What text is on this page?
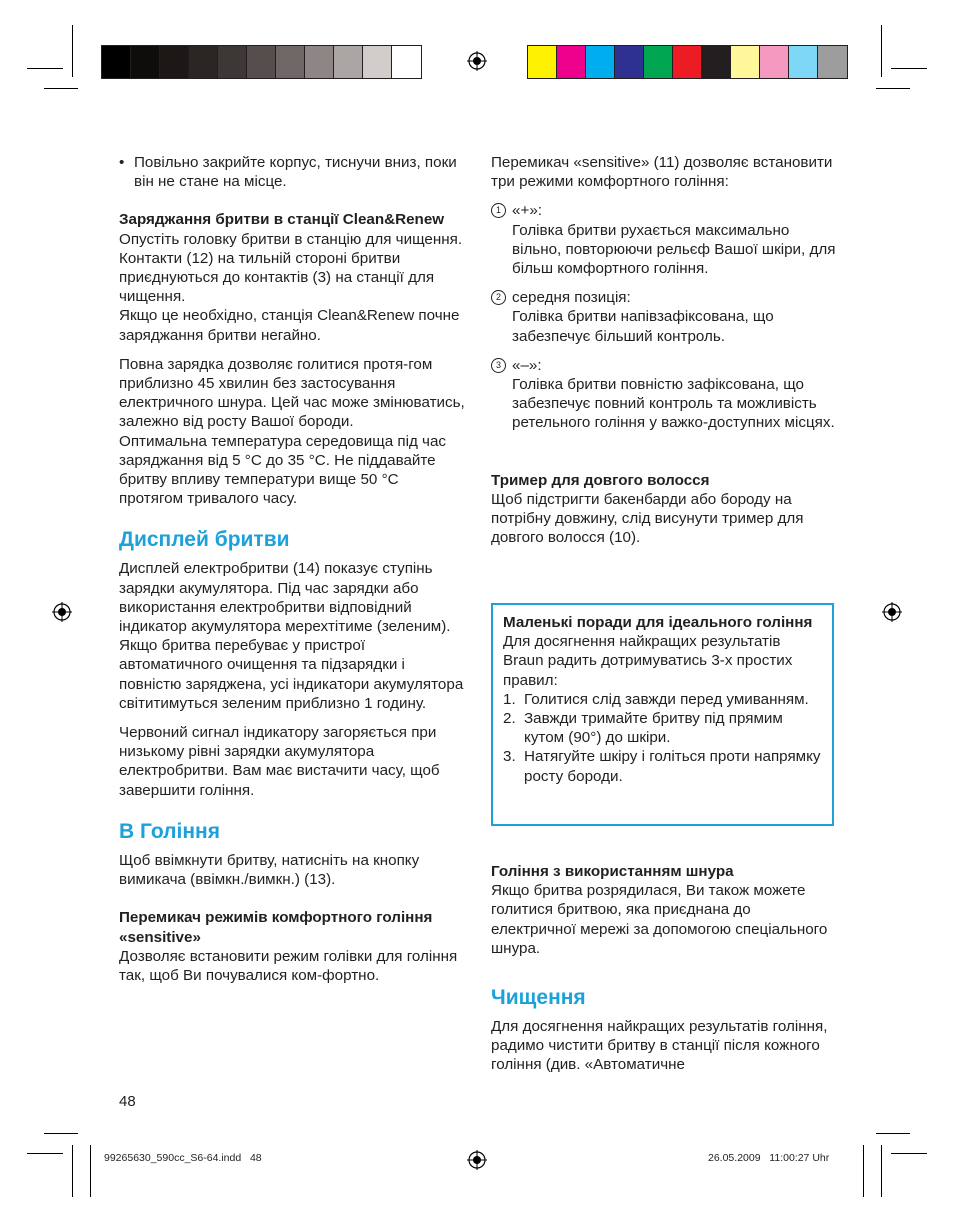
• Повільно закрийте корпус, тиснучи вниз, поки він не стане на місце.

Заряджання бритви в станції Clean&Renew

Опустіть головку бритви в станцію для чищення. Контакти (12) на тильній стороні бритви приєднуються до контактів (3) на станції для чищення.

Якщо це необхідно, станція Clean&Renew почне заряджання бритви негайно.

Повна зарядка дозволяє голитися протя-гом приблизно 45 хвилин без застосування електричного шнура. Цей час може змінюватись, залежно від росту Вашої бороди.

Оптимальна температура середовища під час заряджання від 5 °C до 35 °C. Не піддавайте бритву впливу температури вище 50 °C протягом тривалого часу.

Дисплей бритви

Дисплей електробритви (14) показує ступінь зарядки акумулятора. Під час зарядки або використання електробритви відповідний індикатор акумулятора мерехтітиме (зеленим). Якщо бритва перебуває у пристрої автоматичного очищення та підзарядки і повністю заряджена, усі індикатори акумулятора світитимуться зеленим приблизно 1 годину.

Червоний сигнал індикатору загоряється при низькому рівні зарядки акумулятора електробритви. Вам має вистачити часу, щоб завершити гоління.

В Гоління

Щоб ввімкнути бритву, натисніть на кнопку вимикача (ввімкн./вимкн.) (13).

Перемикач режимів комфортного гоління «sensitive»

Дозволяє встановити режим голівки для гоління так, щоб Ви почувалися ком-фортно.

48

Перемикач «sensitive» (11) дозволяє встановити три режими комфортного гоління:

1 «+»:

Голівка бритви рухається максимально вільно, повторюючи рельєф Вашої шкіри, для більш комфортного гоління.

2 середня позиція:

Голівка бритви напівзафіксована, що забезпечує більший контроль.

3 «–»:

Голівка бритви повністю зафіксована, що забезпечує повний контроль та можливість ретельного гоління у важко-доступних місцях.

Тример для довгого волосся

Щоб підстригти бакенбарди або бороду на потрібну довжину, слід висунути тример для довгого волосся (10).

Маленькі поради для ідеального гоління

Для досягнення найкращих результатів Braun радить дотримуватись 3-х простих правил:

1. Голитися слід завжди перед умиванням.

2. Завжди тримайте бритву під прямим кутом (90°) до шкіри.

3. Натягуйте шкіру і голіться проти напрямку росту бороди.

Гоління з використанням шнура

Якщо бритва розрядилася, Ви також можете голитися бритвою, яка приєднана до електричної мережі за допомогою спеціального шнура.

Чищення

Для досягнення найкращих результатів гоління, радимо чистити бритву в станції після кожного гоління (див. «Автоматичне

99265630_590cc_S6-64.indd   48	26.05.2009   11:00:27 Uhr
